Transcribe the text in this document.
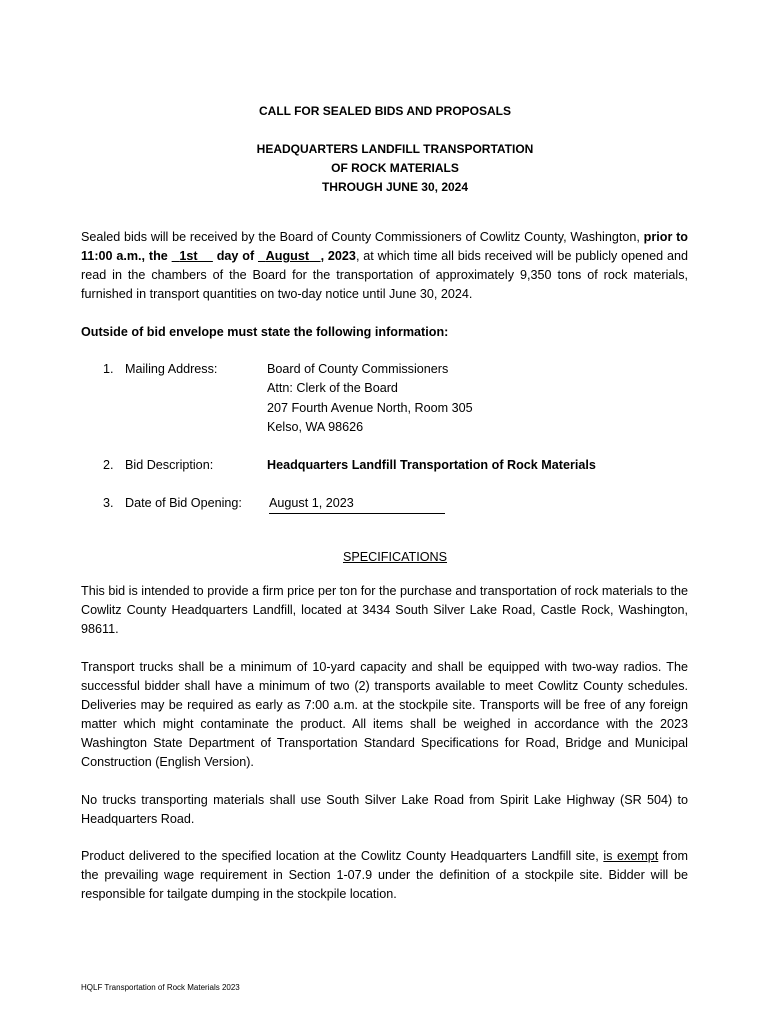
CALL FOR SEALED BIDS AND PROPOSALS
HEADQUARTERS LANDFILL TRANSPORTATION
OF ROCK MATERIALS
THROUGH JUNE 30, 2024
Sealed bids will be received by the Board of County Commissioners of Cowlitz County, Washington, prior to 11:00 a.m., the   1st     day of   August , 2023, at which time all bids received will be publicly opened and read in the chambers of the Board for the transportation of approximately 9,350 tons of rock materials, furnished in transport quantities on two-day notice until June 30, 2024.
Outside of bid envelope must state the following information:
1. Mailing Address:	Board of County Commissioners
Attn: Clerk of the Board
207 Fourth Avenue North, Room 305
Kelso, WA 98626
2. Bid Description:	Headquarters Landfill Transportation of Rock Materials
3. Date of Bid Opening: August 1, 2023
SPECIFICATIONS
This bid is intended to provide a firm price per ton for the purchase and transportation of rock materials to the Cowlitz County Headquarters Landfill, located at 3434 South Silver Lake Road, Castle Rock, Washington, 98611.
Transport trucks shall be a minimum of 10-yard capacity and shall be equipped with two-way radios. The successful bidder shall have a minimum of two (2) transports available to meet Cowlitz County schedules. Deliveries may be required as early as 7:00 a.m. at the stockpile site. Transports will be free of any foreign matter which might contaminate the product. All items shall be weighed in accordance with the 2023 Washington State Department of Transportation Standard Specifications for Road, Bridge and Municipal Construction (English Version).
No trucks transporting materials shall use South Silver Lake Road from Spirit Lake Highway (SR 504) to Headquarters Road.
Product delivered to the specified location at the Cowlitz County Headquarters Landfill site, is exempt from the prevailing wage requirement in Section 1-07.9 under the definition of a stockpile site. Bidder will be responsible for tailgate dumping in the stockpile location.
HQLF Transportation of Rock Materials 2023
